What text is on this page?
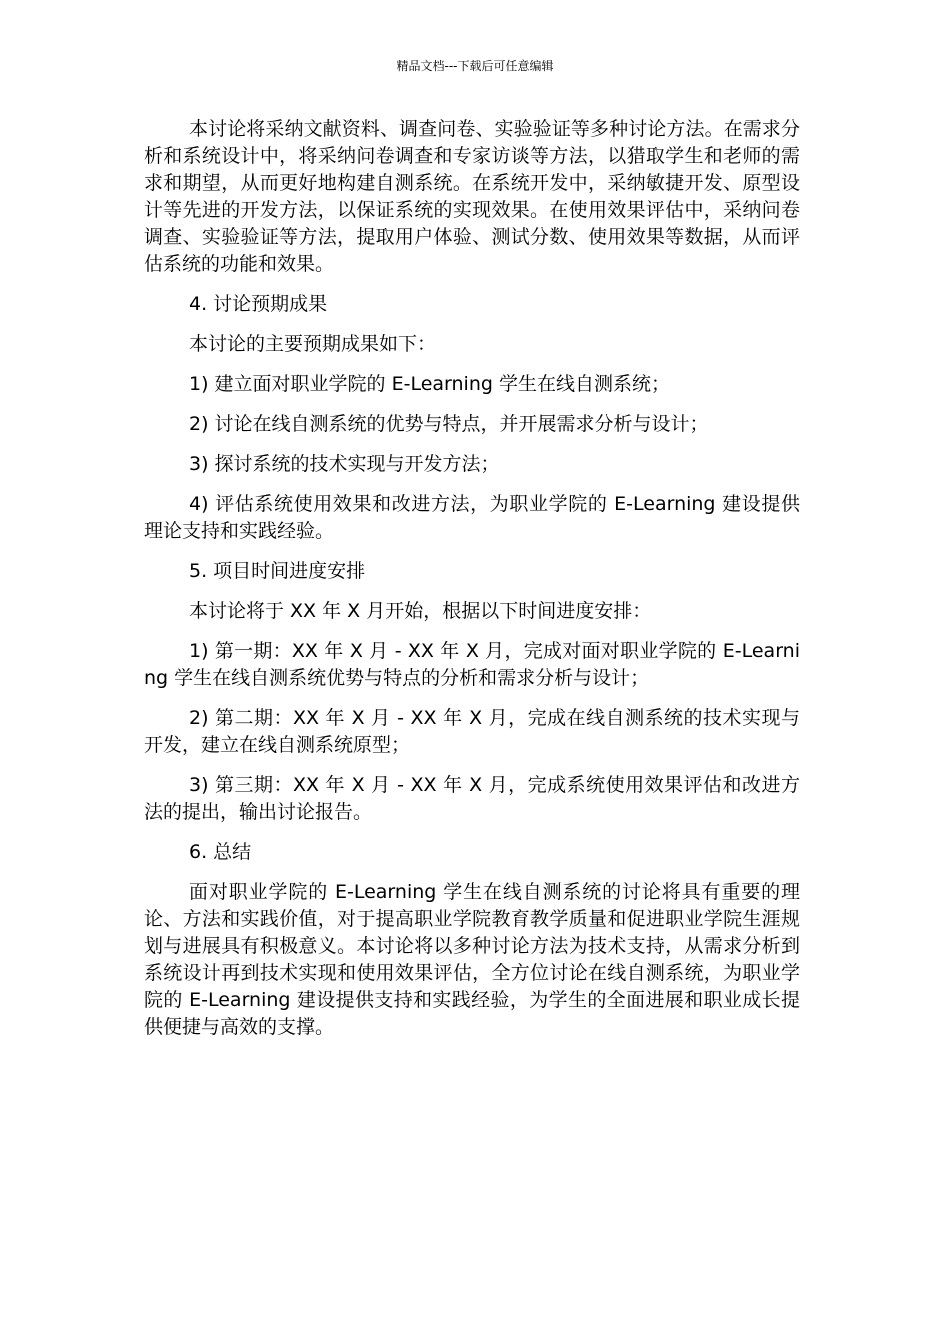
精品文档---下载后可任意编辑

本讨论将采纳文献资料、调查问卷、实验验证等多种讨论方法。在需求分析和系统设计中，将采纳问卷调查和专家访谈等方法，以猎取学生和老师的需求和期望，从而更好地构建自测系统。在系统开发中，采纳敏捷开发、原型设计等先进的开发方法，以保证系统的实现效果。在使用效果评估中，采纳问卷调查、实验验证等方法，提取用户体验、测试分数、使用效果等数据，从而评估系统的功能和效果。

4. 讨论预期成果

本讨论的主要预期成果如下：

1) 建立面对职业学院的 E-Learning 学生在线自测系统；

2) 讨论在线自测系统的优势与特点，并开展需求分析与设计；

3) 探讨系统的技术实现与开发方法；

4) 评估系统使用效果和改进方法，为职业学院的 E-Learning 建设提供理论支持和实践经验。

5. 项目时间进度安排

本讨论将于 XX 年 X 月开始，根据以下时间进度安排：

1) 第一期：XX 年 X 月 - XX 年 X 月，完成对面对职业学院的 E-Learning 学生在线自测系统优势与特点的分析和需求分析与设计；

2) 第二期：XX 年 X 月 - XX 年 X 月，完成在线自测系统的技术实现与开发，建立在线自测系统原型；

3) 第三期：XX 年 X 月 - XX 年 X 月，完成系统使用效果评估和改进方法的提出，输出讨论报告。

6. 总结

面对职业学院的 E-Learning 学生在线自测系统的讨论将具有重要的理论、方法和实践价值，对于提高职业学院教育教学质量和促进职业学院生涯规划与进展具有积极意义。本讨论将以多种讨论方法为技术支持，从需求分析到系统设计再到技术实现和使用效果评估，全方位讨论在线自测系统，为职业学院的 E-Learning 建设提供支持和实践经验，为学生的全面进展和职业成长提供便捷与高效的支撑。
